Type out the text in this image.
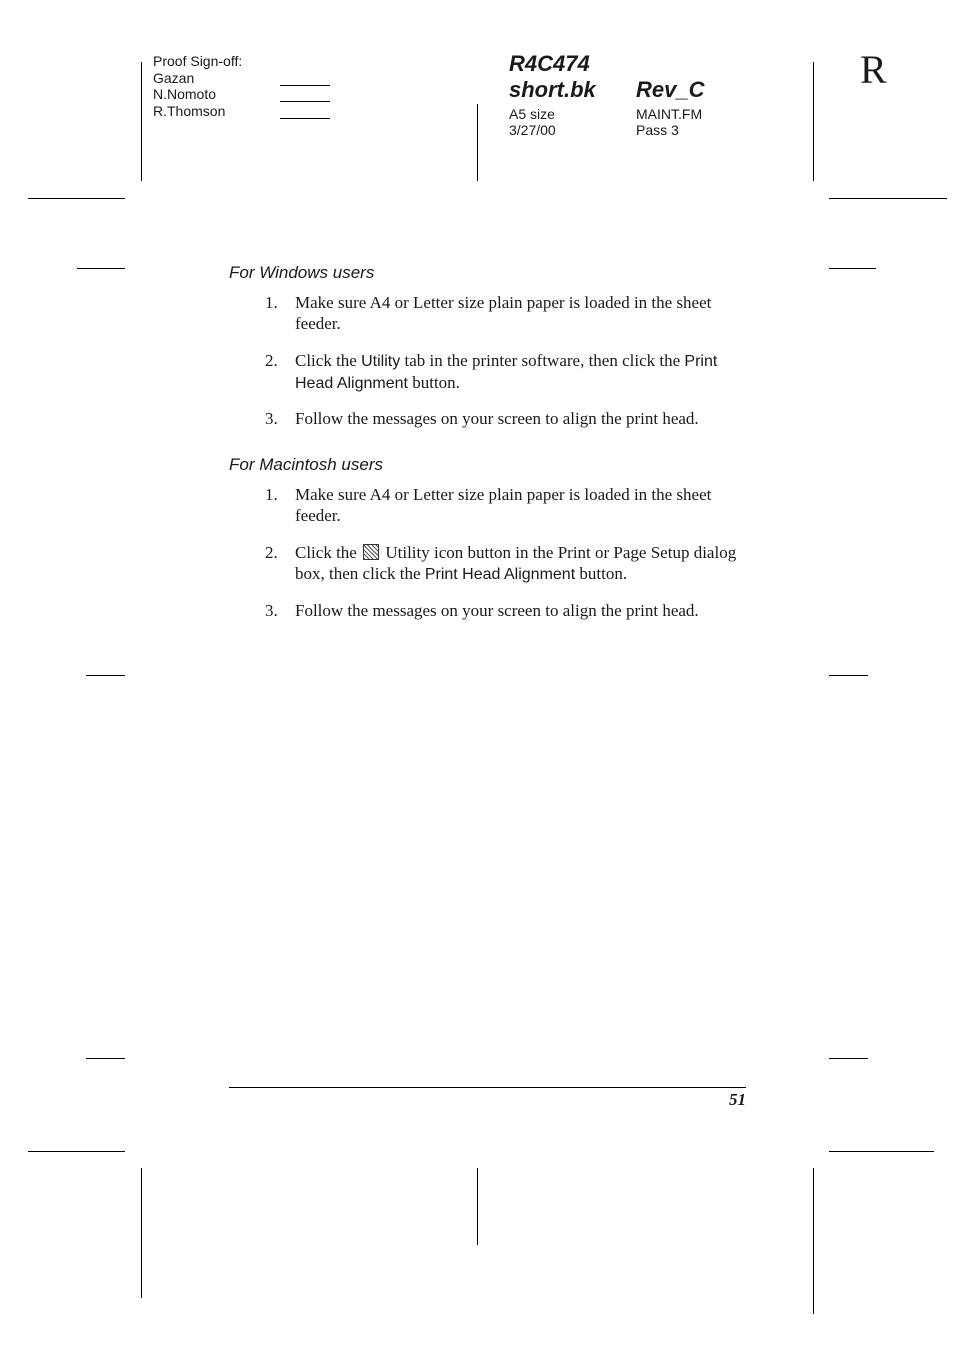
Proof Sign-off:
Gazan
N.Nomoto
R.Thomson
R4C474
short.bk Rev_C
A5 size
3/27/00
MAINT.FM
Pass 3
R
For Windows users
1. Make sure A4 or Letter size plain paper is loaded in the sheet feeder.
2. Click the Utility tab in the printer software, then click the Print Head Alignment button.
3. Follow the messages on your screen to align the print head.
For Macintosh users
1. Make sure A4 or Letter size plain paper is loaded in the sheet feeder.
2. Click the  Utility icon button in the Print or Page Setup dialog box, then click the Print Head Alignment button.
3. Follow the messages on your screen to align the print head.
51
